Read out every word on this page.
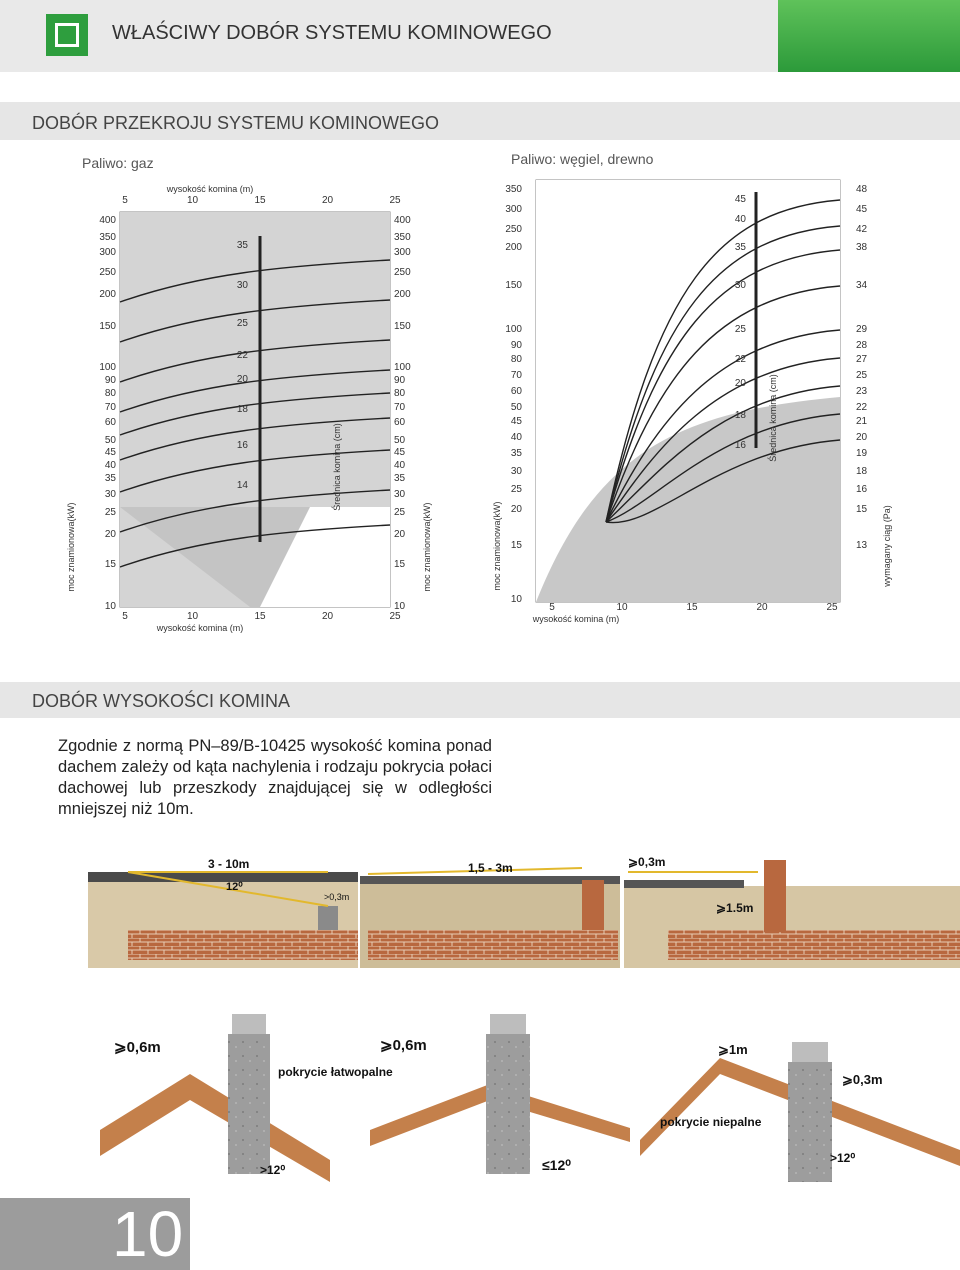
WŁAŚCIWY DOBÓR SYSTEMU KOMINOWEGO
DOBÓR PRZEKROJU SYSTEMU KOMINOWEGO
Paliwo: gaz	Paliwo: węgiel, drewno
400	400
350	350
300	300
250	250
200	200
150	150
100	100
90	90
80	80
70	70
60	60
50	50
45	45
40	40
35	35
30	30
25	25
20	20
15	15
10	10
5
5
10
10
15
15
20
20
25
25
35
30
25
22
20
18
16
14	Średnica komina (cm)
wysokość komina (m)
wysokość komina (m)
moc znamionowa(kW)	moc znamionowa(kW)
350
300
250
200
150
100
90
80
70
60
50
45
40
35
30
25
20
15
10
48
45
42
38
34
29
28
27
25
23
22
21
20
19
18
16
15
13
5	10	15	20	25
45
40
35
30
25
22
20
18
16 Średnica komina (cm)
wysokość komina (m)
moc znamionowa(kW)	wymagany ciąg (Pa)
DOBÓR WYSOKOŚCI KOMINA
Zgodnie z normą PN–89/B-10425 wysokość komina ponad dachem zależy od kąta nachylenia i rodzaju pokrycia połaci dachowej lub przeszkody znajdującej się w odległości mniejszej niż 10m.
3 - 10m
12⁰
>0,3m
1,5 - 3m	⩾0,3m
⩾1.5m
⩾0,6m
pokrycie łatwopalne
>12⁰
⩾0,6m
≤12⁰
⩾1m
⩾0,3m
pokrycie niepalne
>12⁰
10
